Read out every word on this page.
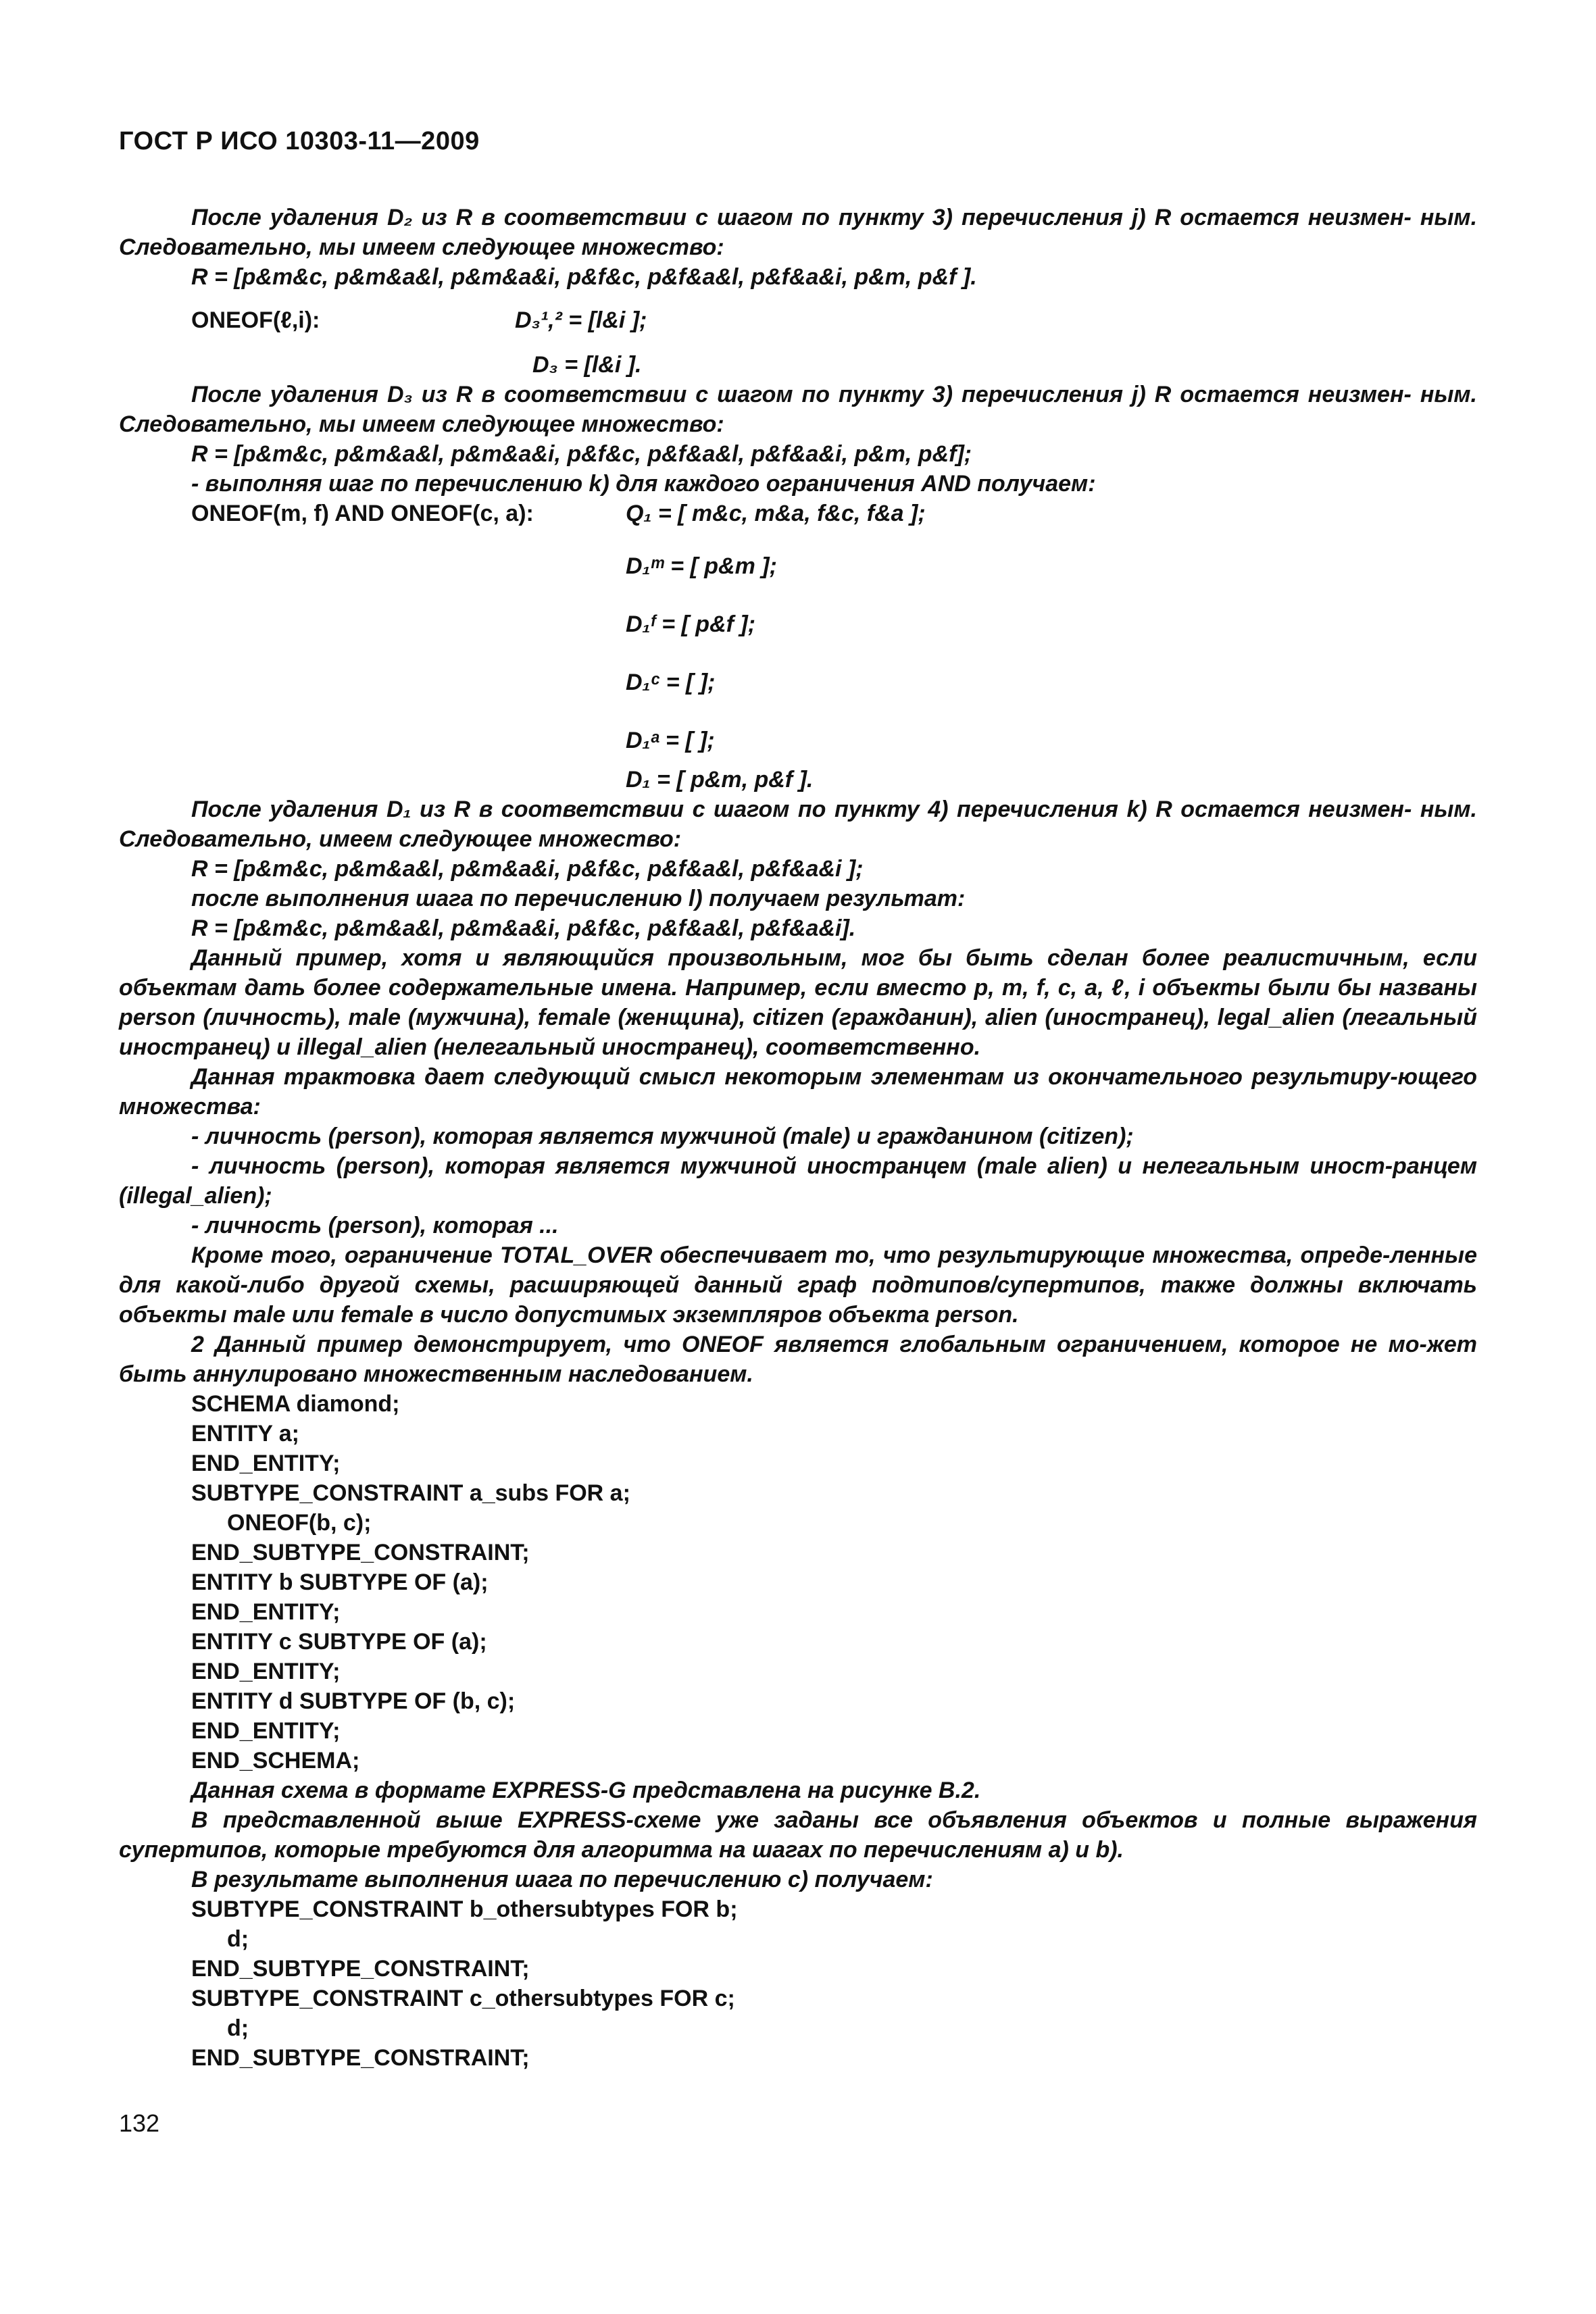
ГОСТ Р ИСО 10303-11—2009

После удаления D₂ из R в соответствии с шагом по пункту 3) перечисления j) R остается неизмен- ным. Следовательно, мы имеем следующее множество:

R = [p&m&c, p&m&a&l, p&m&a&i, p&f&c, p&f&a&l, p&f&a&i, p&m, p&f ].

ONEOF(ℓ,i):	D₃¹,² = [l&i ];
D₃ = [l&i ].

После удаления D₃ из R в соответствии с шагом по пункту 3) перечисления j) R остается неизмен- ным. Следовательно, мы имеем следующее множество:

R = [p&m&c, p&m&a&l, p&m&a&i, p&f&c, p&f&a&l, p&f&a&i, p&m, p&f];

- выполняя шаг по перечислению k) для каждого ограничения AND получаем:

ONEOF(m, f) AND ONEOF(c, a):	Q₁ = [ m&c, m&a, f&c, f&a ];
D₁ᵐ = [ p&m ];
D₁ᶠ = [ p&f ];
D₁ᶜ = [ ];
D₁ᵃ = [ ];
D₁ = [ p&m, p&f ].

После удаления D₁ из R в соответствии с шагом по пункту 4) перечисления k) R остается неизмен- ным. Следовательно, имеем следующее множество:

R = [p&m&c, p&m&a&l, p&m&a&i, p&f&c, p&f&a&l, p&f&a&i ];

после выполнения шага по перечислению l) получаем результат:

R = [p&m&c, p&m&a&l, p&m&a&i, p&f&c, p&f&a&l, p&f&a&i].

Данный пример, хотя и являющийся произвольным, мог бы быть сделан более реалистичным, если объектам дать более содержательные имена. Например, если вместо p, m, f, c, a, ℓ, i объекты были бы названы person (личность), male (мужчина), female (женщина), citizen (гражданин), alien (иностранец), legal_alien (легальный иностранец) и illegal_alien (нелегальный иностранец), соответственно.

Данная трактовка дает следующий смысл некоторым элементам из окончательного результиру-ющего множества:

- личность (person), которая является мужчиной (male) и гражданином (citizen);

- личность (person), которая является мужчиной иностранцем (male alien) и нелегальным иност-ранцем (illegal_alien);

- личность (person), которая ...

Кроме того, ограничение TOTAL_OVER обеспечивает то, что результирующие множества, опреде-ленные для какой-либо другой схемы, расширяющей данный граф подтипов/супертипов, также должны включать объекты male или female в число допустимых экземпляров объекта person.

2 Данный пример демонстрирует, что ONEOF является глобальным ограничением, которое не мо-жет быть аннулировано множественным наследованием.

SCHEMA diamond;

ENTITY a;

END_ENTITY;

SUBTYPE_CONSTRAINT a_subs FOR a;

ONEOF(b, c);

END_SUBTYPE_CONSTRAINT;

ENTITY b SUBTYPE OF (a);

END_ENTITY;

ENTITY c SUBTYPE OF (a);

END_ENTITY;

ENTITY d SUBTYPE OF (b, c);

END_ENTITY;

END_SCHEMA;

Данная схема в формате EXPRESS-G представлена на рисунке B.2.

В представленной выше EXPRESS-схеме уже заданы все объявления объектов и полные выражения супертипов, которые требуются для алгоритма на шагах по перечислениям a) и b).

В результате выполнения шага по перечислению c) получаем:

SUBTYPE_CONSTRAINT b_othersubtypes FOR b;

d;

END_SUBTYPE_CONSTRAINT;

SUBTYPE_CONSTRAINT c_othersubtypes FOR c;

d;

END_SUBTYPE_CONSTRAINT;

132
